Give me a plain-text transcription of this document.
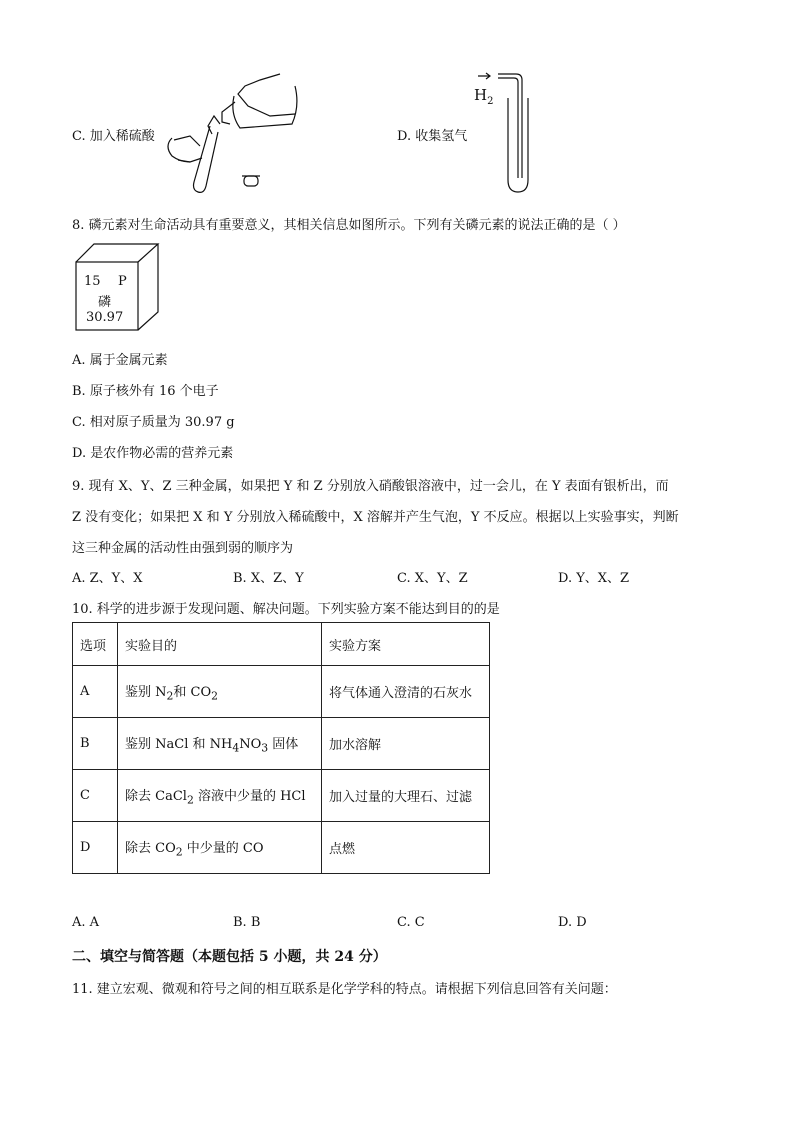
C. 加入稀硫酸
$H_2$
D. 收集氢气
8. 磷元素对生命活动具有重要意义，其相关信息如图所示。下列有关磷元素的说法正确的是（ ）
15 P
磷
30.97
A. 属于金属元素
B. 原子核外有 16 个电子
C. 相对原子质量为 30.97 g
D. 是农作物必需的营养元素
9. 现有 X、Y、Z 三种金属，如果把 Y 和 Z 分别放入硝酸银溶液中，过一会儿，在 Y 表面有银析出，而
Z 没有变化；如果把 X 和 Y 分别放入稀硫酸中，X 溶解并产生气泡，Y 不反应。根据以上实验事实，判断
这三种金属的活动性由强到弱的顺序为
A. Z、Y、X	B. X、Z、Y	C. X、Y、Z	D. Y、X、Z
10. 科学的进步源于发现问题、解决问题。下列实验方案不能达到目的的是
选项	实验目的	实验方案
A	鉴别 $N_2$和 $CO_2$	将气体通入澄清的石灰水
B	鉴别 NaCl 和 $NH_4NO_3$ 固体	加水溶解
C	除去 CaCl$_2$ 溶液中少量的 HCl	加入过量的大理石、过滤
D	除去 $CO_2$ 中少量的 CO	点燃
A. A	B. B	C. C	D. D
二、填空与简答题（本题包括 5 小题，共 24 分）
11. 建立宏观、微观和符号之间的相互联系是化学学科的特点。请根据下列信息回答有关问题：
